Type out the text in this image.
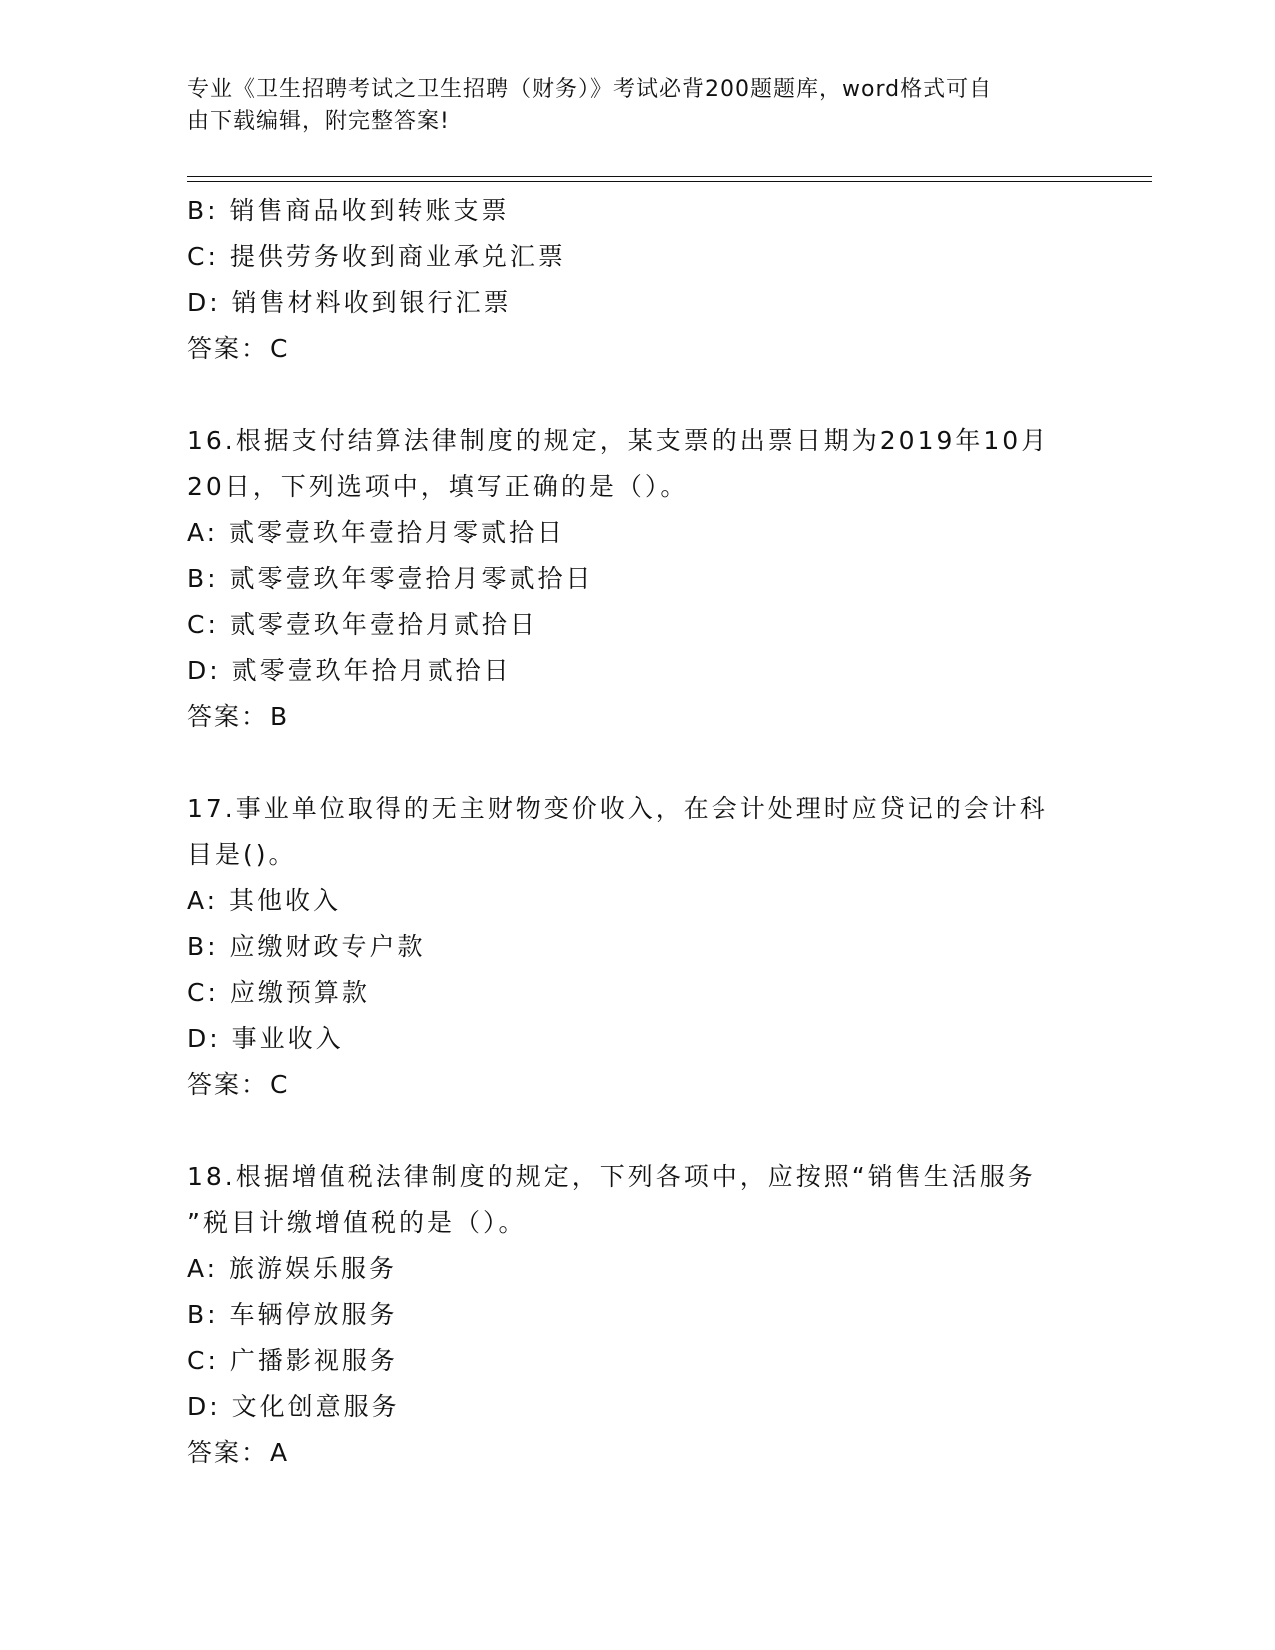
专业《卫生招聘考试之卫生招聘（财务）》考试必背200题题库，word格式可自
由下载编辑，附完整答案!
B: 销售商品收到转账支票
C: 提供劳务收到商业承兑汇票
D: 销售材料收到银行汇票
答案：C
16.根据支付结算法律制度的规定，某支票的出票日期为2019年10月
20日，下列选项中，填写正确的是（）。
A: 贰零壹玖年壹拾月零贰拾日
B: 贰零壹玖年零壹拾月零贰拾日
C: 贰零壹玖年壹拾月贰拾日
D: 贰零壹玖年拾月贰拾日
答案：B
17.事业单位取得的无主财物变价收入，在会计处理时应贷记的会计科
目是()。
A: 其他收入
B: 应缴财政专户款
C: 应缴预算款
D: 事业收入
答案：C
18.根据增值税法律制度的规定，下列各项中，应按照“销售生活服务
”税目计缴增值税的是（）。
A: 旅游娱乐服务
B: 车辆停放服务
C: 广播影视服务
D: 文化创意服务
答案：A
